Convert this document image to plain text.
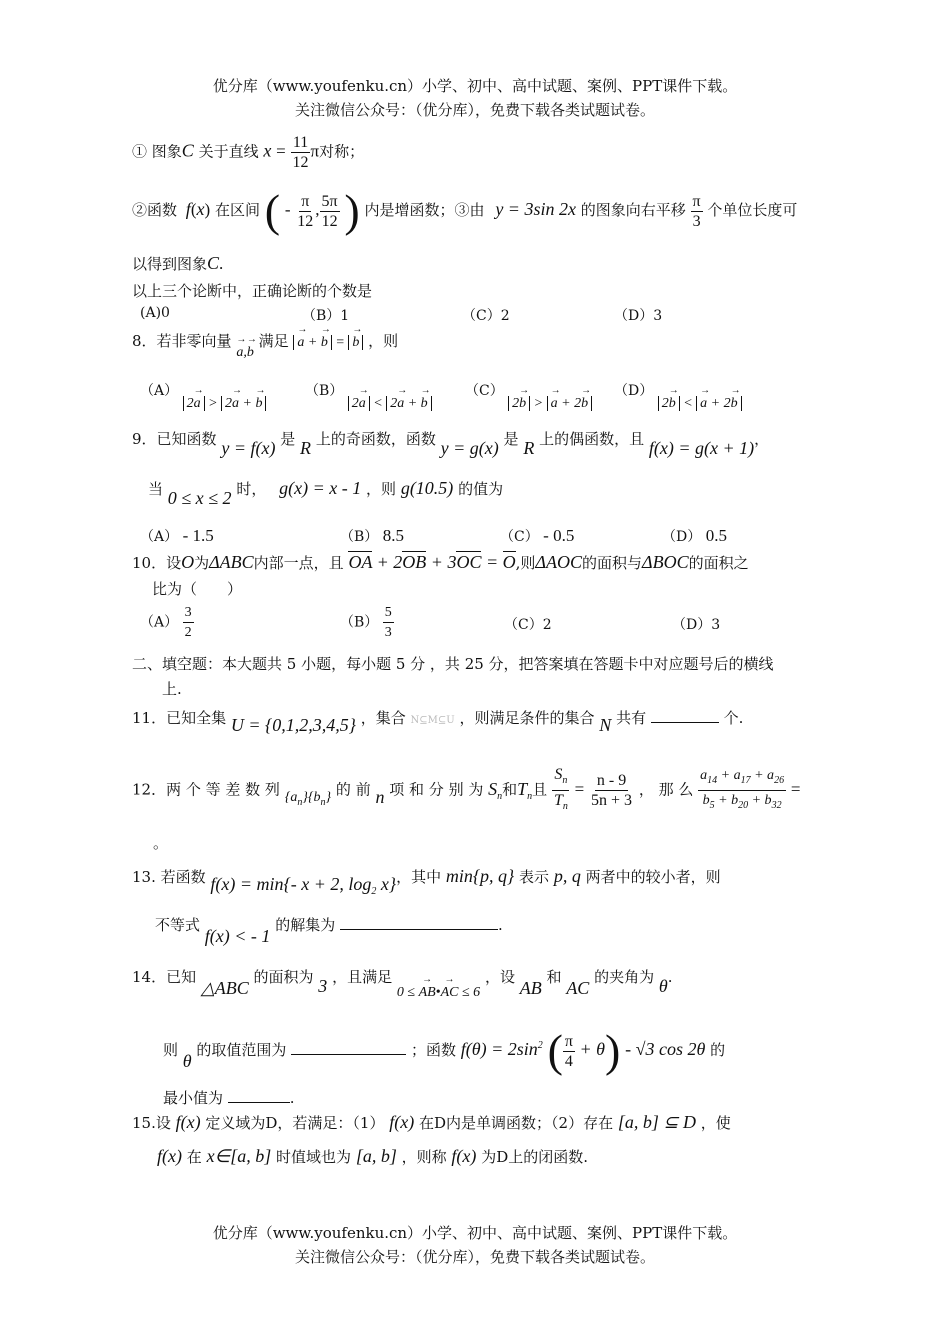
优分库（www.youfenku.cn）小学、初中、高中试题、案例、PPT课件下载。
关注微信公众号：（优分库），免费下载各类试题试卷。
① 图象C 关于直线 $x = \frac{11}{12}$ π对称；
②函数 f(x) 在区间 ( - $\frac{\pi}{12}$ , $\frac{5\pi}{12}$ ) 内是增函数；③由 y = 3sin 2x 的图象向右平移 $\frac{\pi}{3}$ 个单位长度可
以得到图象C.
以上三个论断中，正确论断的个数是
(A)0	（B）1	（C）2	（D）3
8．若非零向量 → a,→ b 满足 → a + → b = → b ，则
（A） 2→ a > 2→ a + → b
（B） 2→ a < 2→ a + → b
（C） 2→ b > → a + 2→ b
（D） 2→ b < → a + 2→ b
9．已知函数 y = f(x) 是 R 上的奇函数，函数 y = g(x) 是 R 上的偶函数，且 f(x) = g(x + 1)，
当 0 ≤ x ≤ 2 时， g(x) = x - 1 ，则 g(10.5) 的值为
（A） - 1.5	（B） 8.5	（C） - 0.5	（D） 0.5
10．设O为ΔABC内部一点，且 OA + 2OB + 3OC = O,则ΔAOC的面积与ΔBOC的面积之
比为（　　）
$(A) \frac{3}{2}$	$(B) \frac{5}{3}$	（C）2	（D）3
二、填空题：本大题共 5 小题，每小题 5 分 ，共 25 分，把答案填在答题卡中对应题号后的横线
上.
11．已知全集 U = {0,1,2,3,4,5} ，集合 N⊆M⊆U ，则满足条件的集合 N 共有	个.
12．两 个 等 差 数 列 $\{a_n\}\{b_n\}$ 的 前 n 项 和 分 别 为 $S_n$和$T_n$且 $\frac{S_n}{T_n} = \frac{n - 9}{5n + 3}$ ， 那 么 $\frac{a_{14} + a_{17} + a_{26}}{b_5 + b_{20} + b_{32}}$ =
。
13. 若函数 f(x) = min{- x + 2, $\log_2 x$}，其中 min{p, q} 表示 p, q 两者中的较小者，则
不等式 f(x) < - 1 的解集为	.
14．已知 △ABC 的面积为 3 ，且满足 0 ≤ → AB•→ AC ≤ 6 ，设 AB 和 AC 的夹角为 θ.
则 θ 的取值范围为	；函数 $f(\theta) = 2\sin^2$ ( $\frac{\pi}{4} + \theta) - √3$ cos 2θ 的
最小值为	.
15.设 f(x) 定义域为D，若满足：（1） f(x) 在D内是单调函数；（2）存在 [a, b] ⊆ D ，使
f(x) 在 x∈[a, b] 时值域也为 [a, b] ，则称 f(x) 为D上的闭函数.
优分库（www.youfenku.cn）小学、初中、高中试题、案例、PPT课件下载。
关注微信公众号：（优分库），免费下载各类试题试卷。
